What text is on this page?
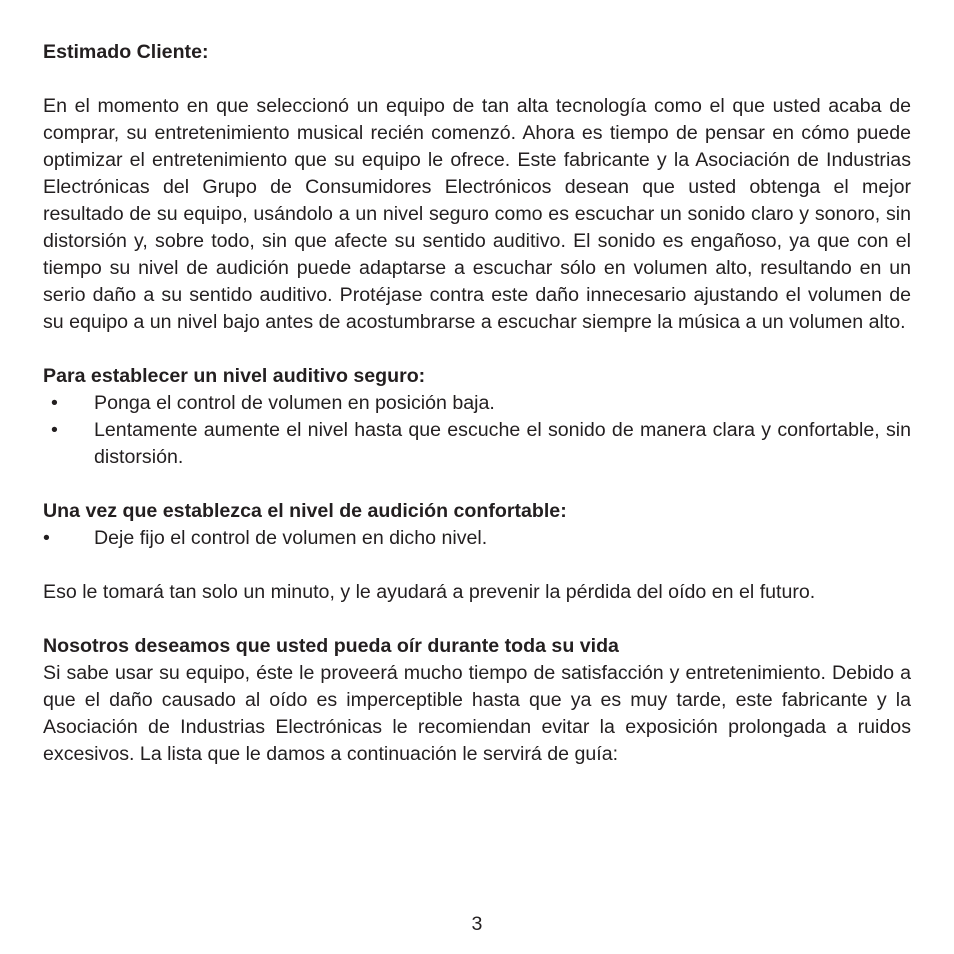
Estimado Cliente:

En el momento en que seleccionó un equipo de tan alta tecnología como el que usted acaba de comprar, su entretenimiento musical recién comenzó. Ahora es tiempo de pensar en cómo puede optimizar el entretenimiento que su equipo le ofrece. Este fabricante y la Asociación de Industrias Electrónicas del Grupo de Consumidores Electrónicos desean que usted obtenga el mejor resultado de su equipo, usándolo a un nivel seguro como es escuchar un sonido claro y sonoro, sin distorsión y, sobre todo, sin que afecte su sentido auditivo. El sonido es engañoso, ya que con el tiempo su nivel de audición puede adaptarse a escuchar sólo en volumen alto, resultando en un serio daño a su sentido auditivo. Protéjase contra este daño innecesario ajustando el volumen de su equipo a un nivel bajo antes de acostumbrarse a escuchar siempre la música a un volumen alto.

Para establecer un nivel auditivo seguro:

• Ponga el control de volumen en posición baja.
• Lentamente aumente el nivel hasta que escuche el sonido de manera clara y confortable, sin distorsión.

Una vez que establezca el nivel de audición confortable:

• Deje fijo el control de volumen en dicho nivel.

Eso le tomará tan solo un minuto, y le ayudará a prevenir la pérdida del oído en el futuro.

Nosotros deseamos que usted pueda oír durante toda su vida

Si sabe usar su equipo, éste le proveerá mucho tiempo de satisfacción y entretenimiento. Debido a que el daño causado al oído es imperceptible hasta que ya es muy tarde, este fabricante y la Asociación de Industrias Electrónicas le recomiendan evitar la exposición prolongada a ruidos excesivos. La lista que le damos a continuación le servirá de guía:

3
